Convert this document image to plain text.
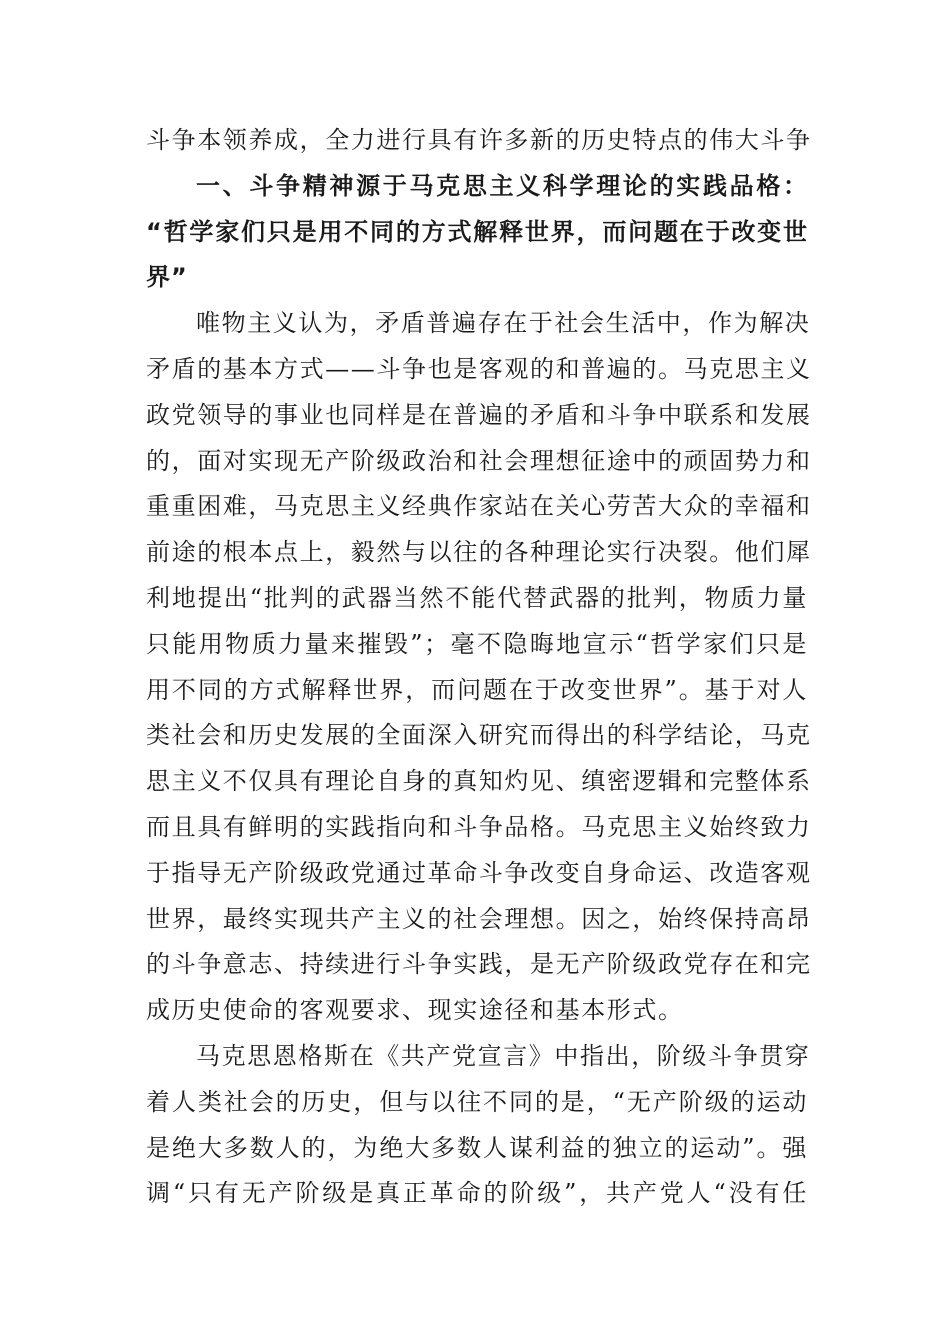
斗争本领养成，全力进行具有许多新的历史特点的伟大斗争
一、斗争精神源于马克思主义科学理论的实践品格：
“哲学家们只是用不同的方式解释世界，而问题在于改变世
界”
唯物主义认为，矛盾普遍存在于社会生活中，作为解决
矛盾的基本方式——斗争也是客观的和普遍的。马克思主义
政党领导的事业也同样是在普遍的矛盾和斗争中联系和发展
的，面对实现无产阶级政治和社会理想征途中的顽固势力和
重重困难，马克思主义经典作家站在关心劳苦大众的幸福和
前途的根本点上，毅然与以往的各种理论实行决裂。他们犀
利地提出“批判的武器当然不能代替武器的批判，物质力量
只能用物质力量来摧毁”；毫不隐晦地宣示“哲学家们只是
用不同的方式解释世界，而问题在于改变世界”。基于对人
类社会和历史发展的全面深入研究而得出的科学结论，马克
思主义不仅具有理论自身的真知灼见、缜密逻辑和完整体系
而且具有鲜明的实践指向和斗争品格。马克思主义始终致力
于指导无产阶级政党通过革命斗争改变自身命运、改造客观
世界，最终实现共产主义的社会理想。因之，始终保持高昂
的斗争意志、持续进行斗争实践，是无产阶级政党存在和完
成历史使命的客观要求、现实途径和基本形式。
马克思恩格斯在《共产党宣言》中指出，阶级斗争贯穿
着人类社会的历史，但与以往不同的是，“无产阶级的运动
是绝大多数人的，为绝大多数人谋利益的独立的运动”。强
调“只有无产阶级是真正革命的阶级”，共产党人“没有任
